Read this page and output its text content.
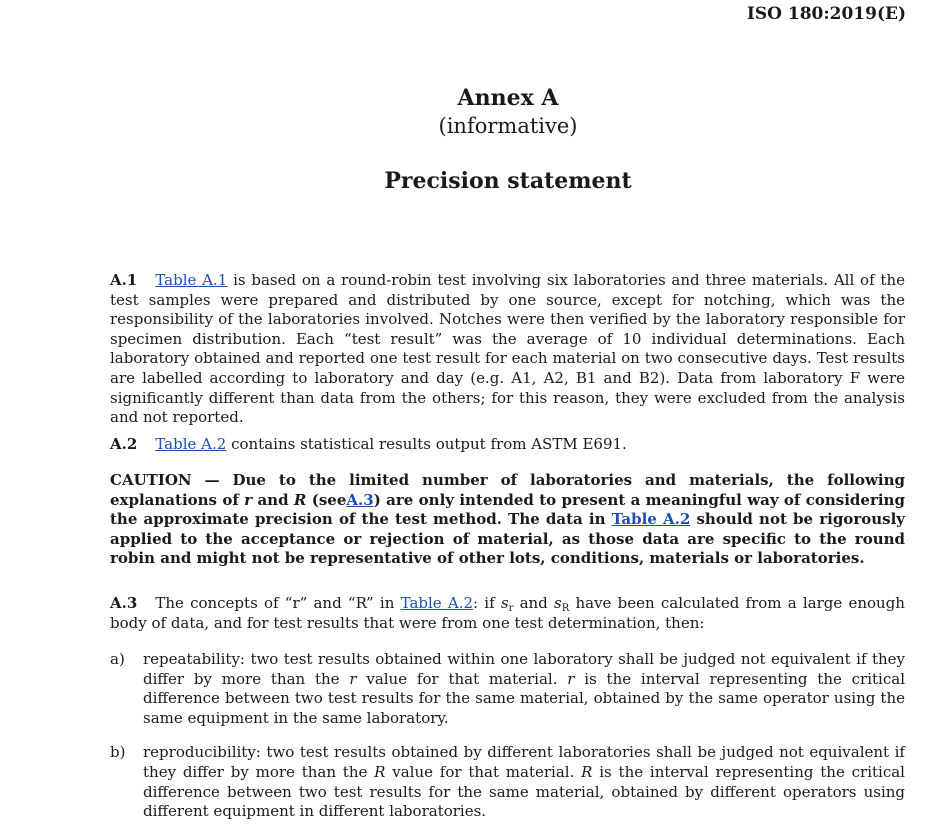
ISO 180:2019(E)
Annex A
(informative)
Precision statement
A.1 Table A.1 is based on a round-robin test involving six laboratories and three materials. All of the test samples were prepared and distributed by one source, except for notching, which was the responsibility of the laboratories involved. Notches were then verified by the laboratory responsible for specimen distribution. Each “test result” was the average of 10 individual determinations. Each laboratory obtained and reported one test result for each material on two consecutive days. Test results are labelled according to laboratory and day (e.g. A1, A2, B1 and B2). Data from laboratory F were significantly different than data from the others; for this reason, they were excluded from the analysis and not reported.
A.2 Table A.2 contains statistical results output from ASTM E691.
CAUTION — Due to the limited number of laboratories and materials, the following explanations of r and R (seeA.3) are only intended to present a meaningful way of considering the approximate precision of the test method. The data in Table A.2 should not be rigorously applied to the acceptance or rejection of material, as those data are specific to the round robin and might not be representative of other lots, conditions, materials or laboratories.
A.3 The concepts of “r” and “R” in Table A.2: if $s_r$ and $s_R$ have been calculated from a large enough body of data, and for test results that were from one test determination, then:
a)	repeatability: two test results obtained within one laboratory shall be judged not equivalent if they differ by more than the r value for that material. r is the interval representing the critical difference between two test results for the same material, obtained by the same operator using the same equipment in the same laboratory.
b)	reproducibility: two test results obtained by different laboratories shall be judged not equivalent if they differ by more than the R value for that material. R is the interval representing the critical difference between two test results for the same material, obtained by different operators using different equipment in different laboratories.
